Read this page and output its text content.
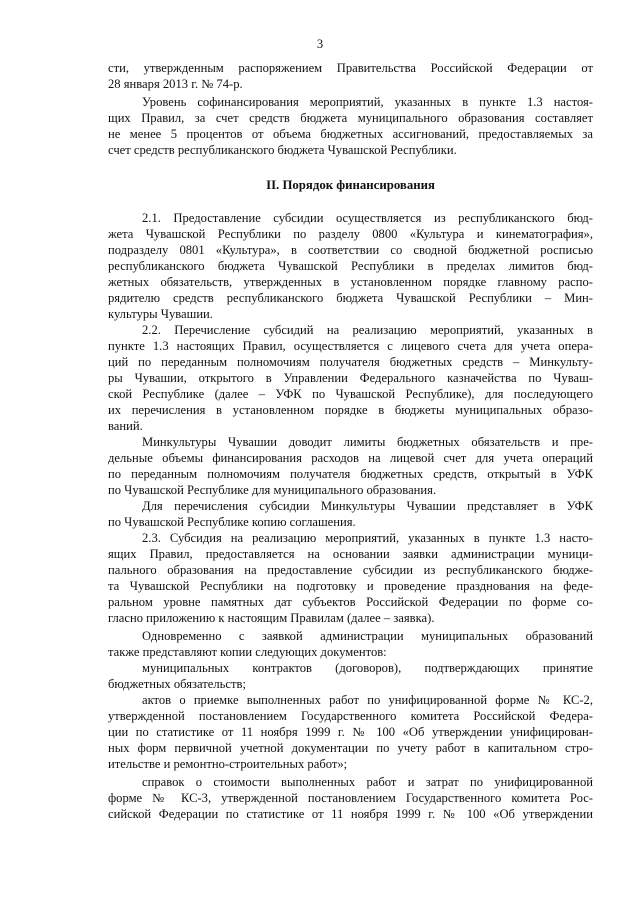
3
сти, утвержденным распоряжением Правительства Российской Федерации от
28 января 2013 г. № 74-р.
Уровень софинансирования мероприятий, указанных в пункте 1.3 настоя-
щих Правил, за счет средств бюджета муниципального образования составляет
не менее 5 процентов от объема бюджетных ассигнований, предоставляемых за
счет средств республиканского бюджета Чувашской Республики.
II. Порядок финансирования
2.1. Предоставление субсидии осуществляется из республиканского бюд-
жета Чувашской Республики по разделу 0800 «Культура и кинематография»,
подразделу 0801 «Культура», в соответствии со сводной бюджетной росписью
республиканского бюджета Чувашской Республики в пределах лимитов бюд-
жетных обязательств, утвержденных в установленном порядке главному распо-
рядителю средств республиканского бюджета Чувашской Республики – Мин-
культуры Чувашии.
2.2. Перечисление субсидий на реализацию мероприятий, указанных в
пункте 1.3 настоящих Правил, осуществляется с лицевого счета для учета опера-
ций по переданным полномочиям получателя бюджетных средств – Минкульту-
ры Чувашии, открытого в Управлении Федерального казначейства по Чуваш-
ской Республике (далее – УФК по Чувашской Республике), для последующего
их перечисления в установленном порядке в бюджеты муниципальных образо-
ваний.
Минкультуры Чувашии доводит лимиты бюджетных обязательств и пре-
дельные объемы финансирования расходов на лицевой счет для учета операций
по переданным полномочиям получателя бюджетных средств, открытый в УФК
по Чувашской Республике для муниципального образования.
Для перечисления субсидии Минкультуры Чувашии представляет в УФК
по Чувашской Республике копию соглашения.
2.3. Субсидия на реализацию мероприятий, указанных в пункте 1.3 насто-
ящих Правил, предоставляется на основании заявки администрации муници-
пального образования на предоставление субсидии из республиканского бюдже-
та Чувашской Республики на подготовку и проведение празднования на феде-
ральном уровне памятных дат субъектов Российской Федерации по форме со-
гласно приложению к настоящим Правилам (далее – заявка).
Одновременно с заявкой администрации муниципальных образований
также представляют копии следующих документов:
муниципальных контрактов (договоров), подтверждающих принятие
бюджетных обязательств;
актов о приемке выполненных работ по унифицированной форме № КС-2,
утвержденной постановлением Государственного комитета Российской Федера-
ции по статистике от 11 ноября 1999 г. № 100 «Об утверждении унифицирован-
ных форм первичной учетной документации по учету работ в капитальном стро-
ительстве и ремонтно-строительных работ»;
справок о стоимости выполненных работ и затрат по унифицированной
форме № КС-3, утвержденной постановлением Государственного комитета Рос-
сийской Федерации по статистике от 11 ноября 1999 г. № 100 «Об утверждении
